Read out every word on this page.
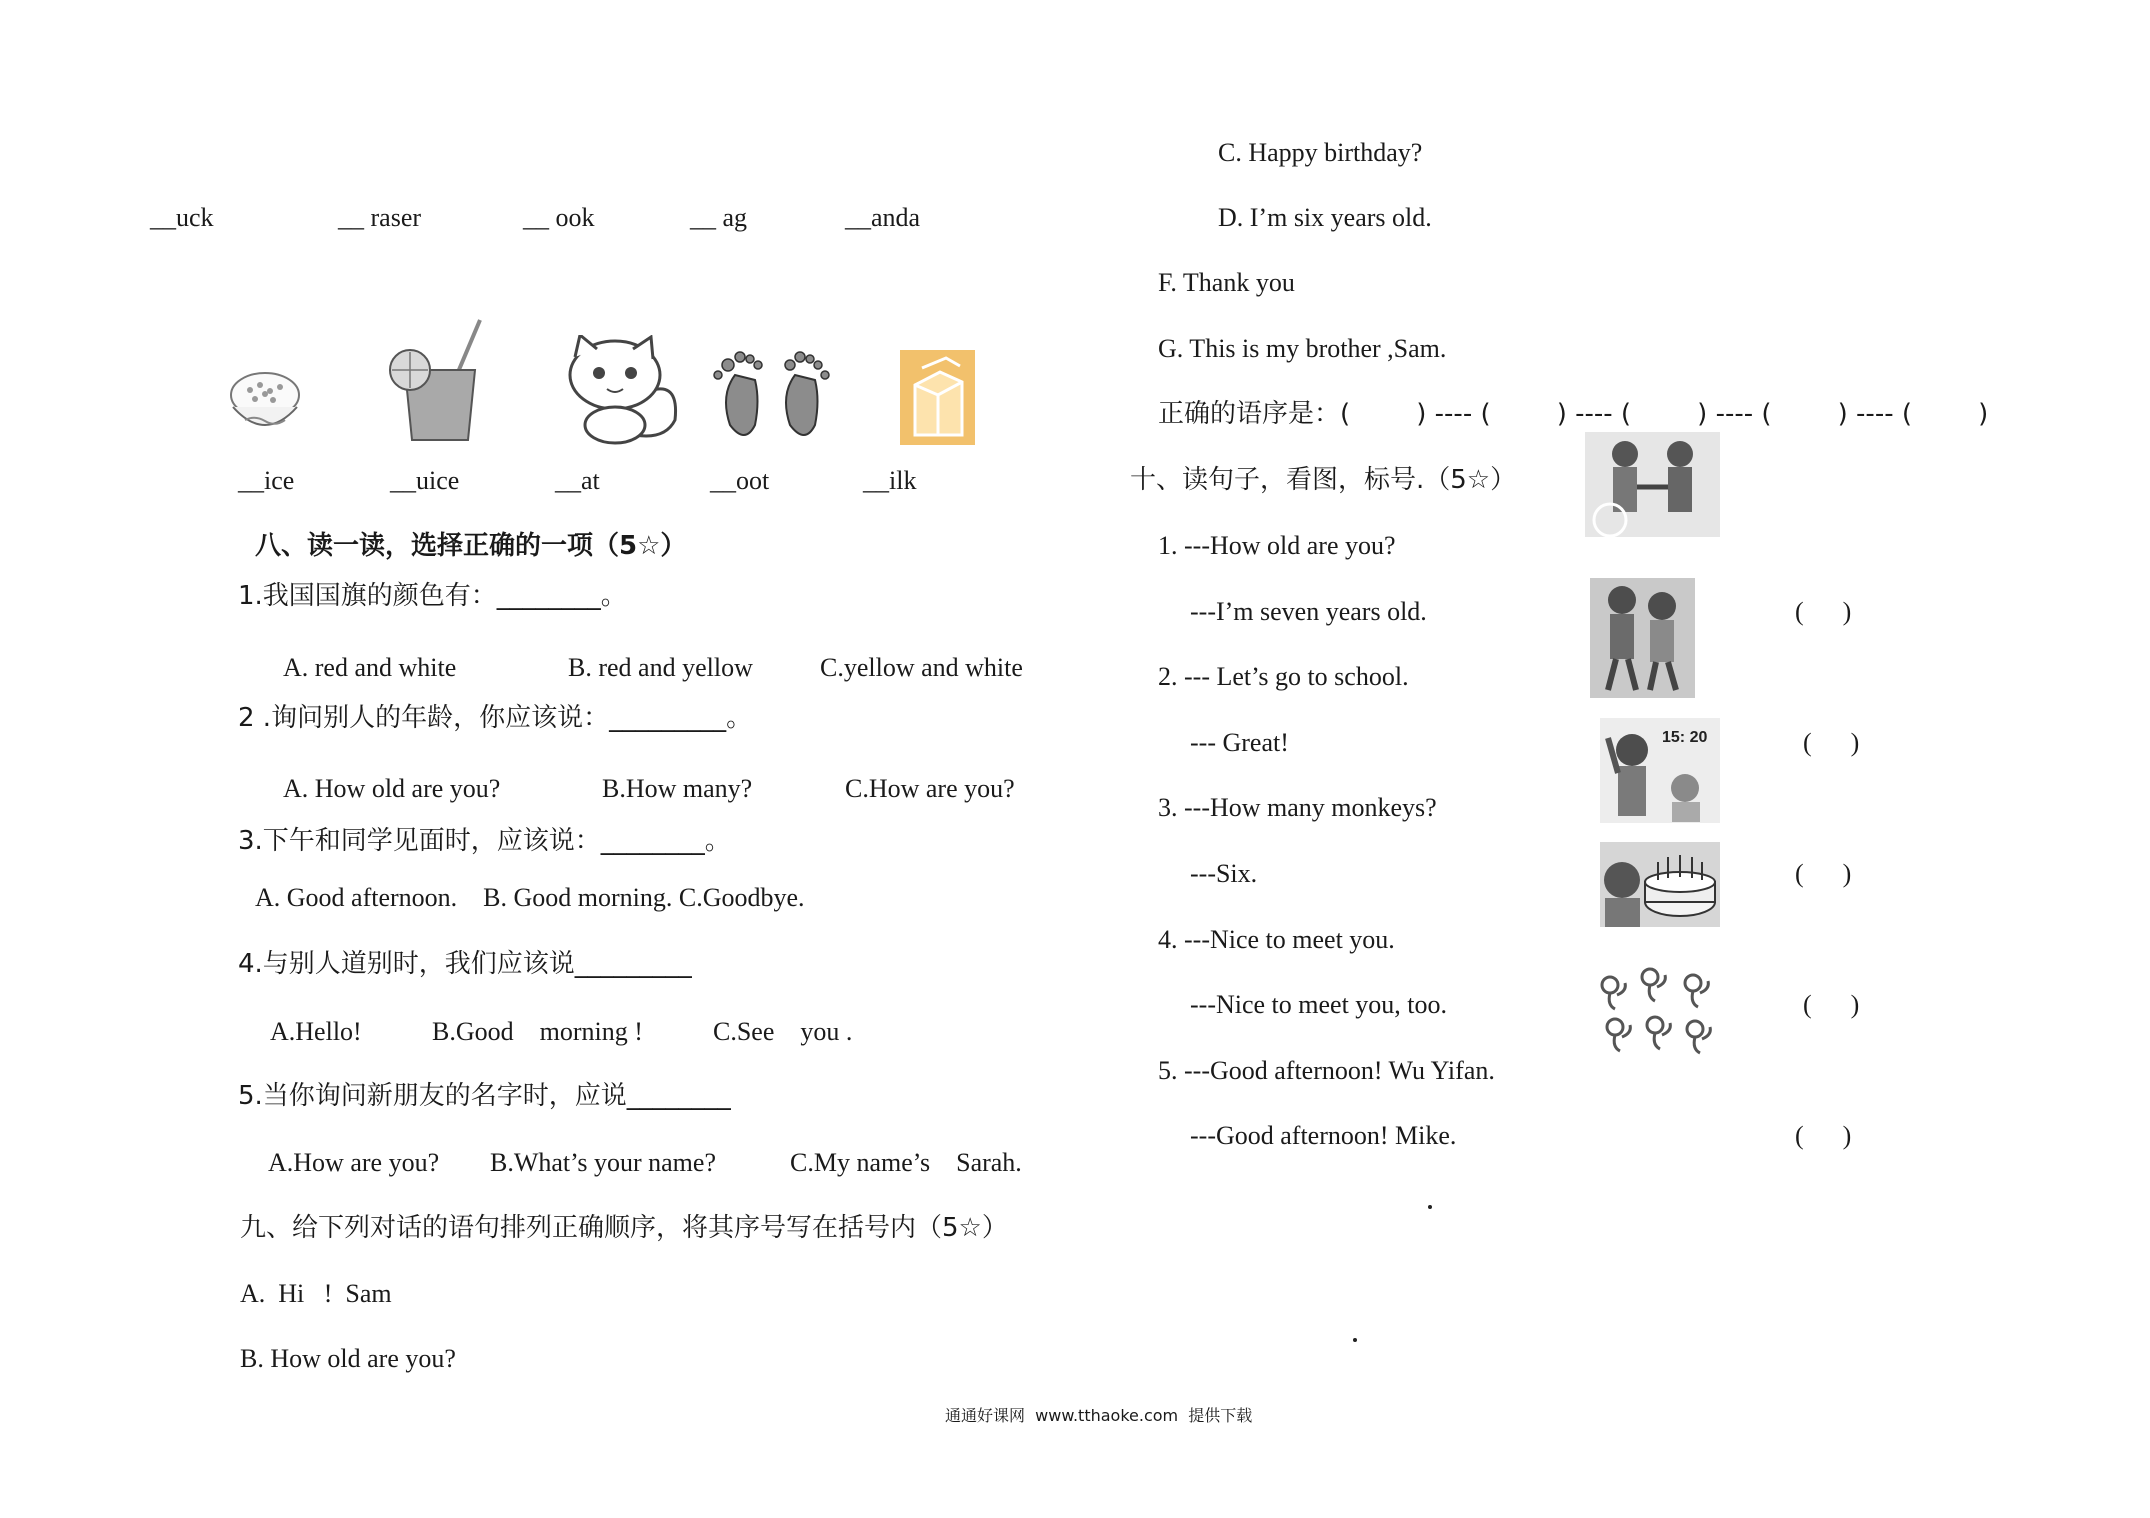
__uck	__ raser	__ ook	__ ag	__anda
__ice	__uice	__at	__oot	__ilk
八、读一读，选择正确的一项（5☆）
1.我国国旗的颜色有：________。
A. red and white	B. red and yellow	C.yellow and white
2 .询问别人的年龄，你应该说：_________。
A. How old are you?	B.How many?	C.How are you?
3.下午和同学见面时，应该说：________。
A. Good afternoon.    B. Good morning. C.Goodbye.
4.与别人道别时，我们应该说_________
A.Hello!	B.Good    morning !	C.See    you .
5.当你询问新朋友的名字时，应说________
A.How are you? B.What’s your name?	C.My name’s    Sarah.
九、给下列对话的语句排列正确顺序，将其序号写在括号内（5☆）
A.  Hi   !  Sam
B. How old are you?
C. Happy birthday?
D. I’m six years old.
F. Thank you
G. This is my brother ,Sam.
正确的语序是：(        ) ---- (        ) ---- (        ) ---- (        ) ---- (        )
十、读句子，看图，标号.（5☆）
15: 20
1. ---How old are you?
---I’m seven years old.	(      )
2. --- Let’s go to school.
--- Great!	(      )
3. ---How many monkeys?
---Six.	(      )
4. ---Nice to meet you.
---Nice to meet you, too.	(      )
5. ---Good afternoon! Wu Yifan.
---Good afternoon! Mike.	(      )
通通好课网  www.tthaoke.com  提供下载
